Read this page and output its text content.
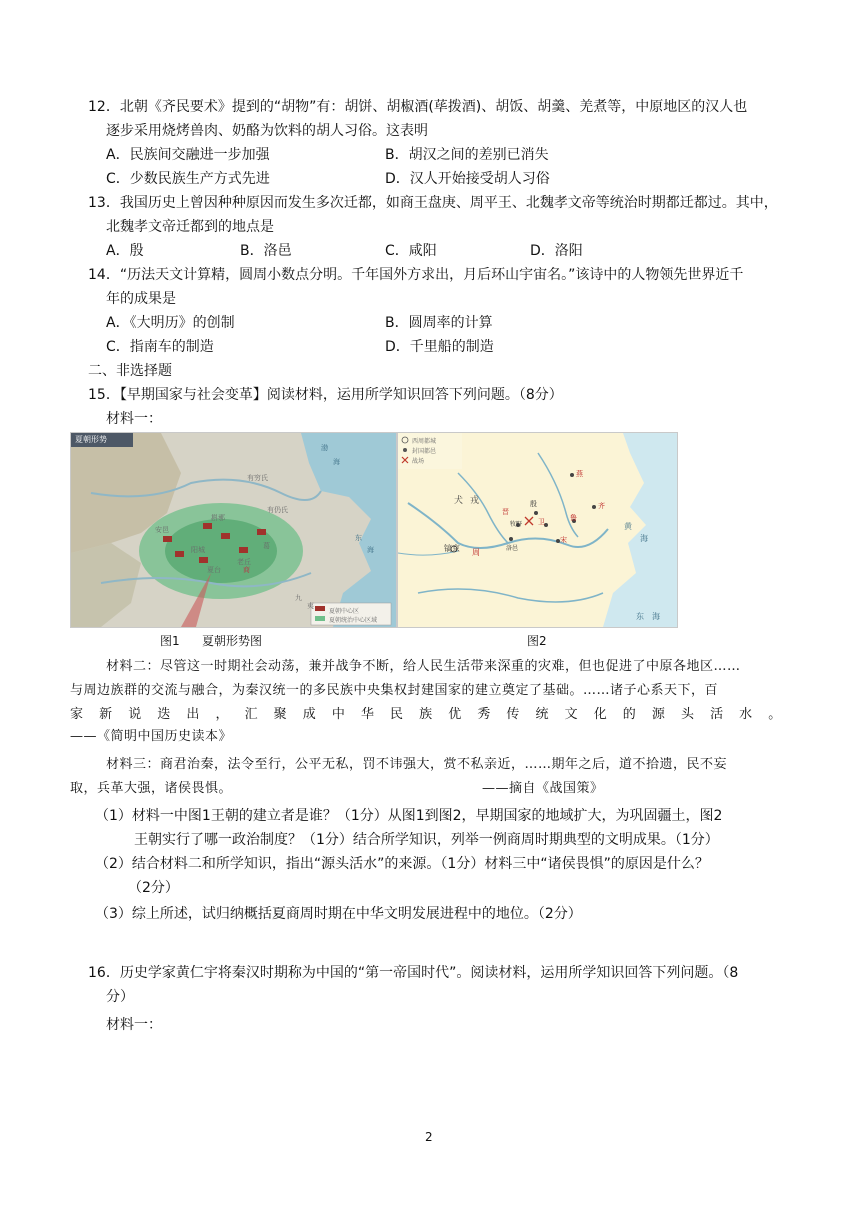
12．北朝《齐民要术》提到的“胡物”有：胡饼、胡椒酒(荜拨酒)、胡饭、胡羹、羌煮等，中原地区的汉人也
逐步采用烧烤兽肉、奶酪为饮料的胡人习俗。这表明
A．民族间交融进一步加强	B．胡汉之间的差别已消失
C．少数民族生产方式先进	D．汉人开始接受胡人习俗
13．我国历史上曾因种种原因而发生多次迁都，如商王盘庚、周平王、北魏孝文帝等统治时期都迁都过。其中，
北魏孝文帝迁都到的地点是
A．殷	B．洛邑	C．咸阳	D．洛阳
14．“历法天文计算精，圆周小数点分明。千年国外方求出，月后环山宇宙名。”该诗中的人物领先世界近千
年的成果是
A．《大明历》的创制	B．圆周率的计算
C．指南车的制造	D．千里船的制造
二、非选择题
15．【早期国家与社会变革】阅读材料，运用所学知识回答下列问题。（8分）
材料一：
夏朝形势
有穷氏
有仍氏
斟鄩
阳城
安邑
夏台
老丘
商
葛
九
夷
渤
海
东
海
夏朝中心区
夏朝统治中心区域
西周都城
封国都邑
战场
犬 戎
镐京 周
殷
牧野
晋
卫
洛邑
燕
齐
鲁
宋
黄
海
东 海
图1 夏朝形势图	图2
材料二：尽管这一时期社会动荡，兼并战争不断，给人民生活带来深重的灾难，但也促进了中原各地区……
与周边族群的交流与融合，为秦汉统一的多民族中央集权封建国家的建立奠定了基础。……诸子心系天下，百
家 新 说 迭 出 ， 汇 聚 成 中 华 民 族 优 秀 传 统 文 化 的 源 头 活 水 。
——《简明中国历史读本》
材料三：商君治秦，法令至行，公平无私，罚不讳强大，赏不私亲近，……期年之后，道不拾遗，民不妄
取，兵革大强，诸侯畏惧。	——摘自《战国策》
（1）材料一中图1王朝的建立者是谁？（1分）从图1到图2，早期国家的地域扩大，为巩固疆土，图2
王朝实行了哪一政治制度？（1分）结合所学知识，列举一例商周时期典型的文明成果。（1分）
（2）结合材料二和所学知识，指出“源头活水”的来源。（1分）材料三中“诸侯畏惧”的原因是什么？
（2分）
（3）综上所述，试归纳概括夏商周时期在中华文明发展进程中的地位。（2分）
16．历史学家黄仁宇将秦汉时期称为中国的“第一帝国时代”。阅读材料，运用所学知识回答下列问题。（8
分）
材料一：
2
